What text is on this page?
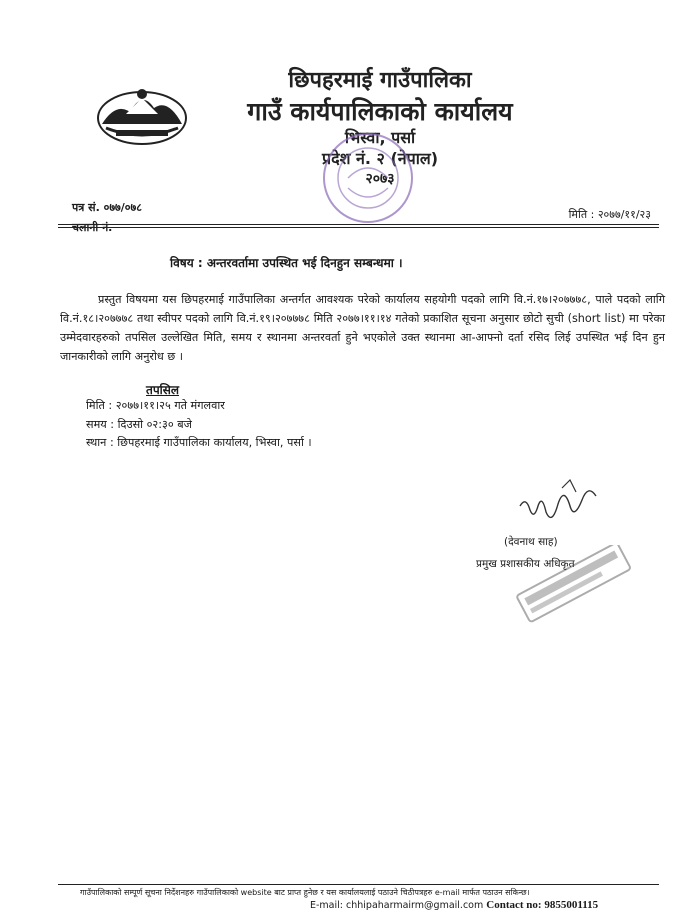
छिपहरमाई गाउँपालिका
गाउँ कार्यपालिकाको कार्यालय
भिस्वा, पर्सा
प्रदेश नं. २ (नेपाल)
२०७३
पत्र सं. ०७७/०७८
चलानी नं.
मिति : २०७७/११/२३
विषय : अन्तरवर्तामा उपस्थित भई दिनहुन सम्बन्धमा ।
प्रस्तुत विषयमा यस छिपहरमाई गाउँपालिका अन्तर्गत आवश्यक परेको कार्यालय सहयोगी पदको लागि वि.नं.१७।२०७७७८, पाले पदको लागि वि.नं.१८।२०७७७८ तथा स्वीपर पदको लागि वि.नं.१९।२०७७७८ मिति २०७७।११।१४ गतेको प्रकाशित सूचना अनुसार छोटो सुची (short list) मा परेका उम्मेदवारहरुको तपसिल उल्लेखित मिति, समय र स्थानमा अन्तरवर्ता हुने भएकोले उक्त स्थानमा आ-आफ्नो दर्ता रसिद लिई उपस्थित भई दिन हुन जानकारीको लागि अनुरोध छ ।
तपसिल
मिति : २०७७।११।२५ गते मंगलवार
समय : दिउसो ०२:३० बजे
स्थान : छिपहरमाई गाउँपालिका कार्यालय, भिस्वा, पर्सा ।
(देवनाथ साह)
प्रमुख प्रशासकीय अधिकृत
गाउँपालिकाको सम्पूर्ण सूचना निर्देशनहरु गाउँपालिकाको website बाट प्राप्त हुनेछ र यस कार्यालयलाई पठाउने चिठीपत्रहरु e-mail मार्फत पठाउन सकिन्छ।
E-mail: chhipaharmairm@gmail.com Contact no: 9855001115
